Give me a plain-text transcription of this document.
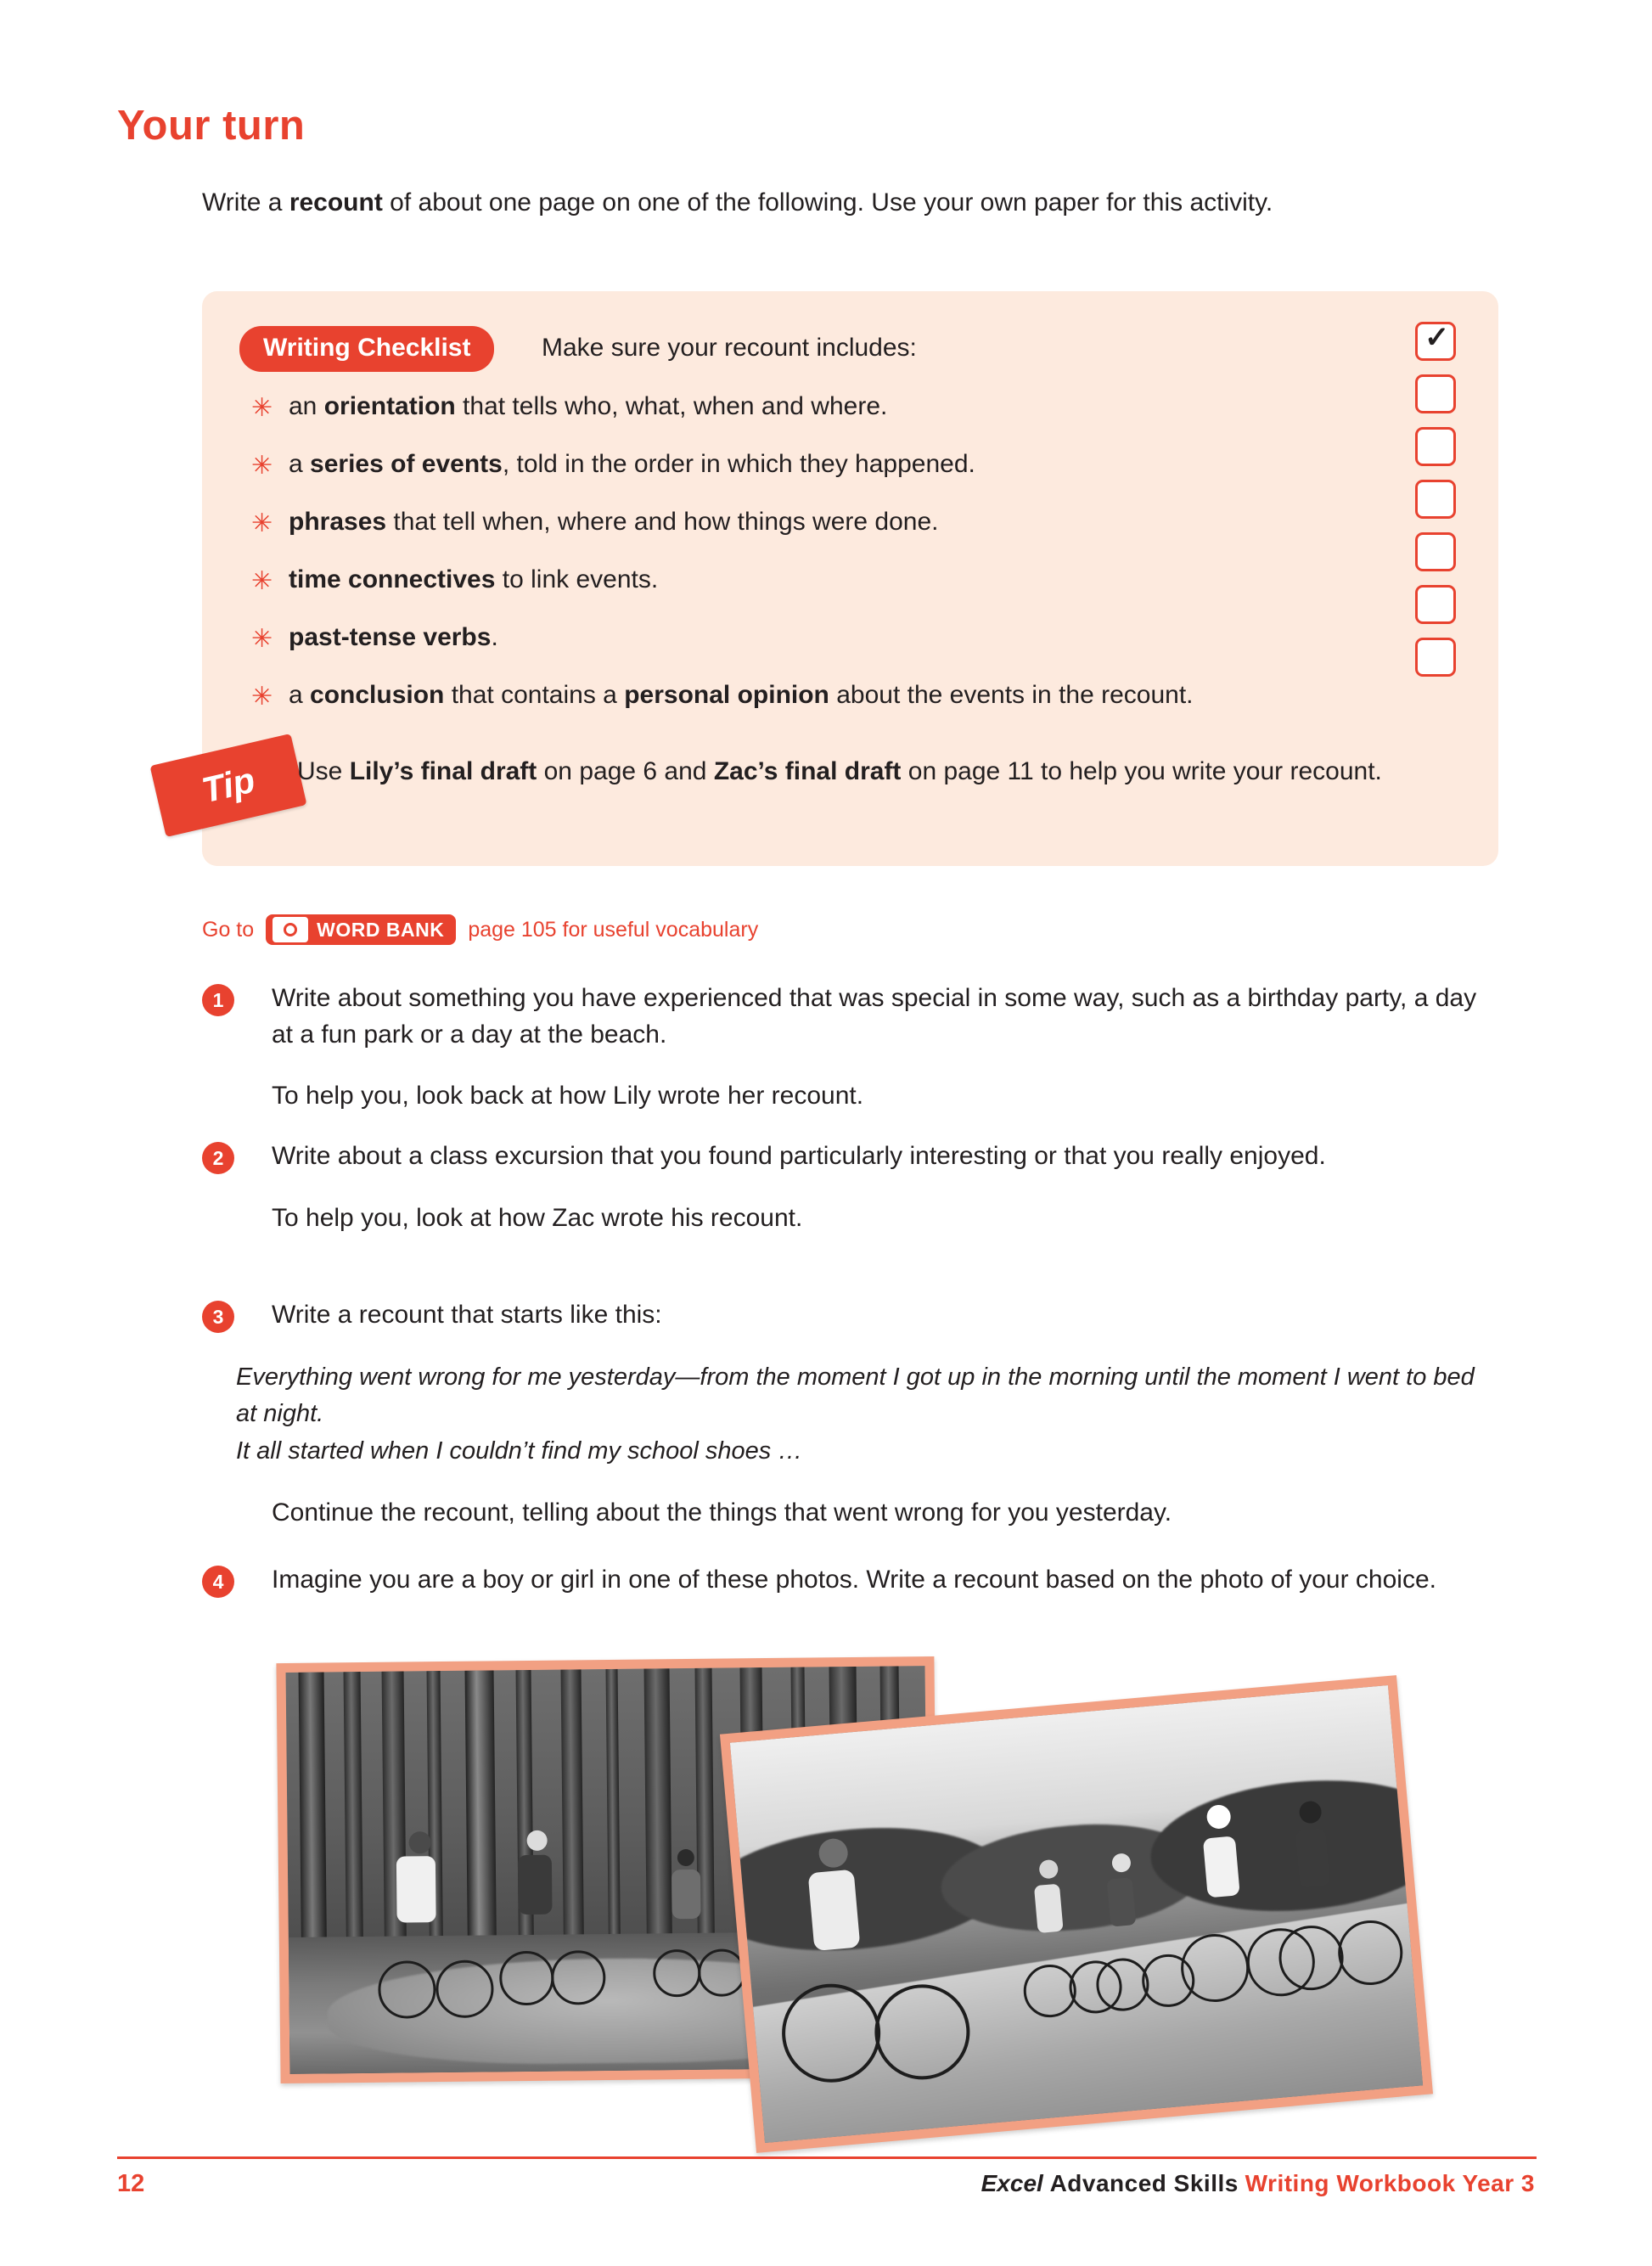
Your turn
Write a recount of about one page on one of the following. Use your own paper for this activity.
Writing Checklist	Make sure your recount includes:
✳ an orientation that tells who, what, when and where.
✳ a series of events, told in the order in which they happened.
✳ phrases that tell when, where and how things were done.
✳ time connectives to link events.
✳ past-tense verbs.
✳ a conclusion that contains a personal opinion about the events in the recount.
✓
Tip	Use Lily’s final draft on page 6 and Zac’s final draft on page 11 to help you write your recount.
Go to	WORD BANK page 105 for useful vocabulary
1	Write about something you have experienced that was special in some way, such as a birthday party, a day at a fun park or a day at the beach.
To help you, look back at how Lily wrote her recount.
2	Write about a class excursion that you found particularly interesting or that you really enjoyed.
To help you, look at how Zac wrote his recount.
3	Write a recount that starts like this:
Everything went wrong for me yesterday—from the moment I got up in the morning until the moment I went to bed at night.
It all started when I couldn’t find my school shoes …
Continue the recount, telling about the things that went wrong for you yesterday.
4	Imagine you are a boy or girl in one of these photos. Write a recount based on the photo of your choice.
12	Excel Advanced Skills Writing Workbook Year 3
